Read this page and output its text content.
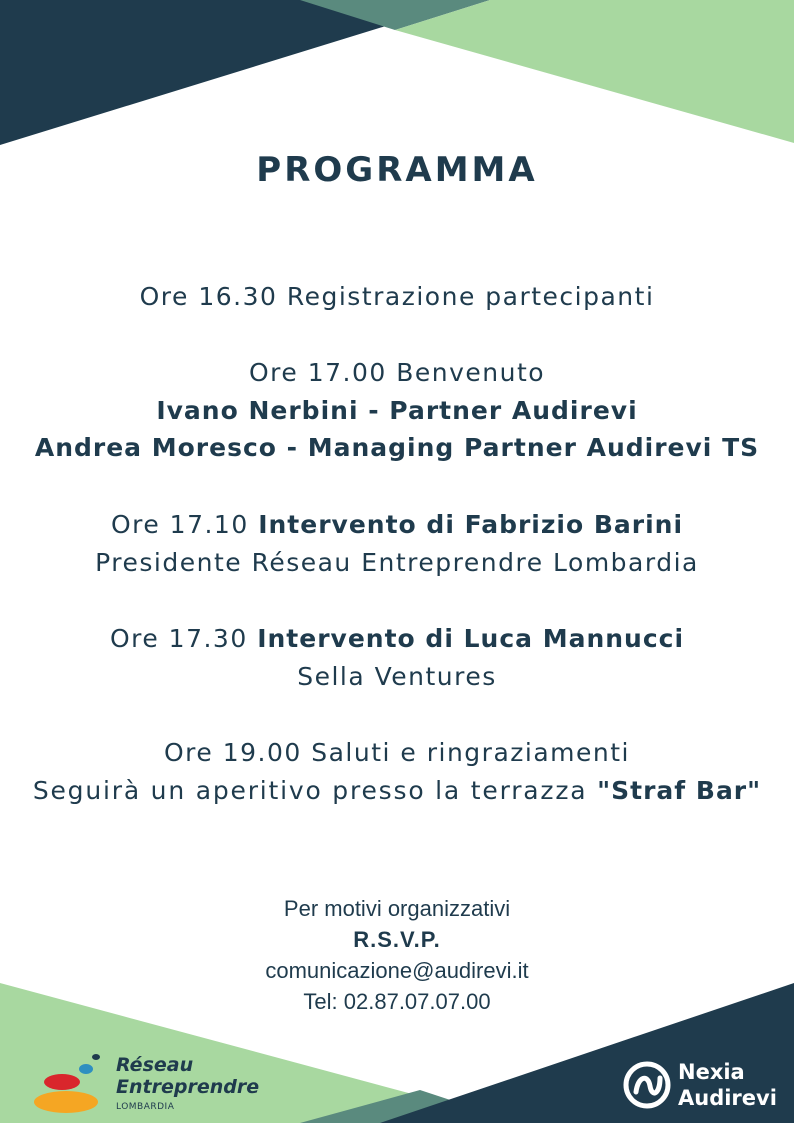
PROGRAMMA

Ore 16.30 Registrazione partecipanti

Ore 17.00 Benvenuto

Ivano Nerbini - Partner Audirevi

Andrea Moresco - Managing Partner Audirevi TS

Ore 17.10 Intervento di Fabrizio Barini

Presidente Réseau Entreprendre Lombardia

Ore 17.30 Intervento di Luca Mannucci

Sella Ventures

Ore 19.00 Saluti e ringraziamenti

Seguirà un aperitivo presso la terrazza "Straf Bar"

Per motivi organizzativi

R.S.V.P.

comunicazione@audirevi.it

Tel: 02.87.07.07.00

Réseau
Entreprendre
LOMBARDIA
Nexia
Audirevi
